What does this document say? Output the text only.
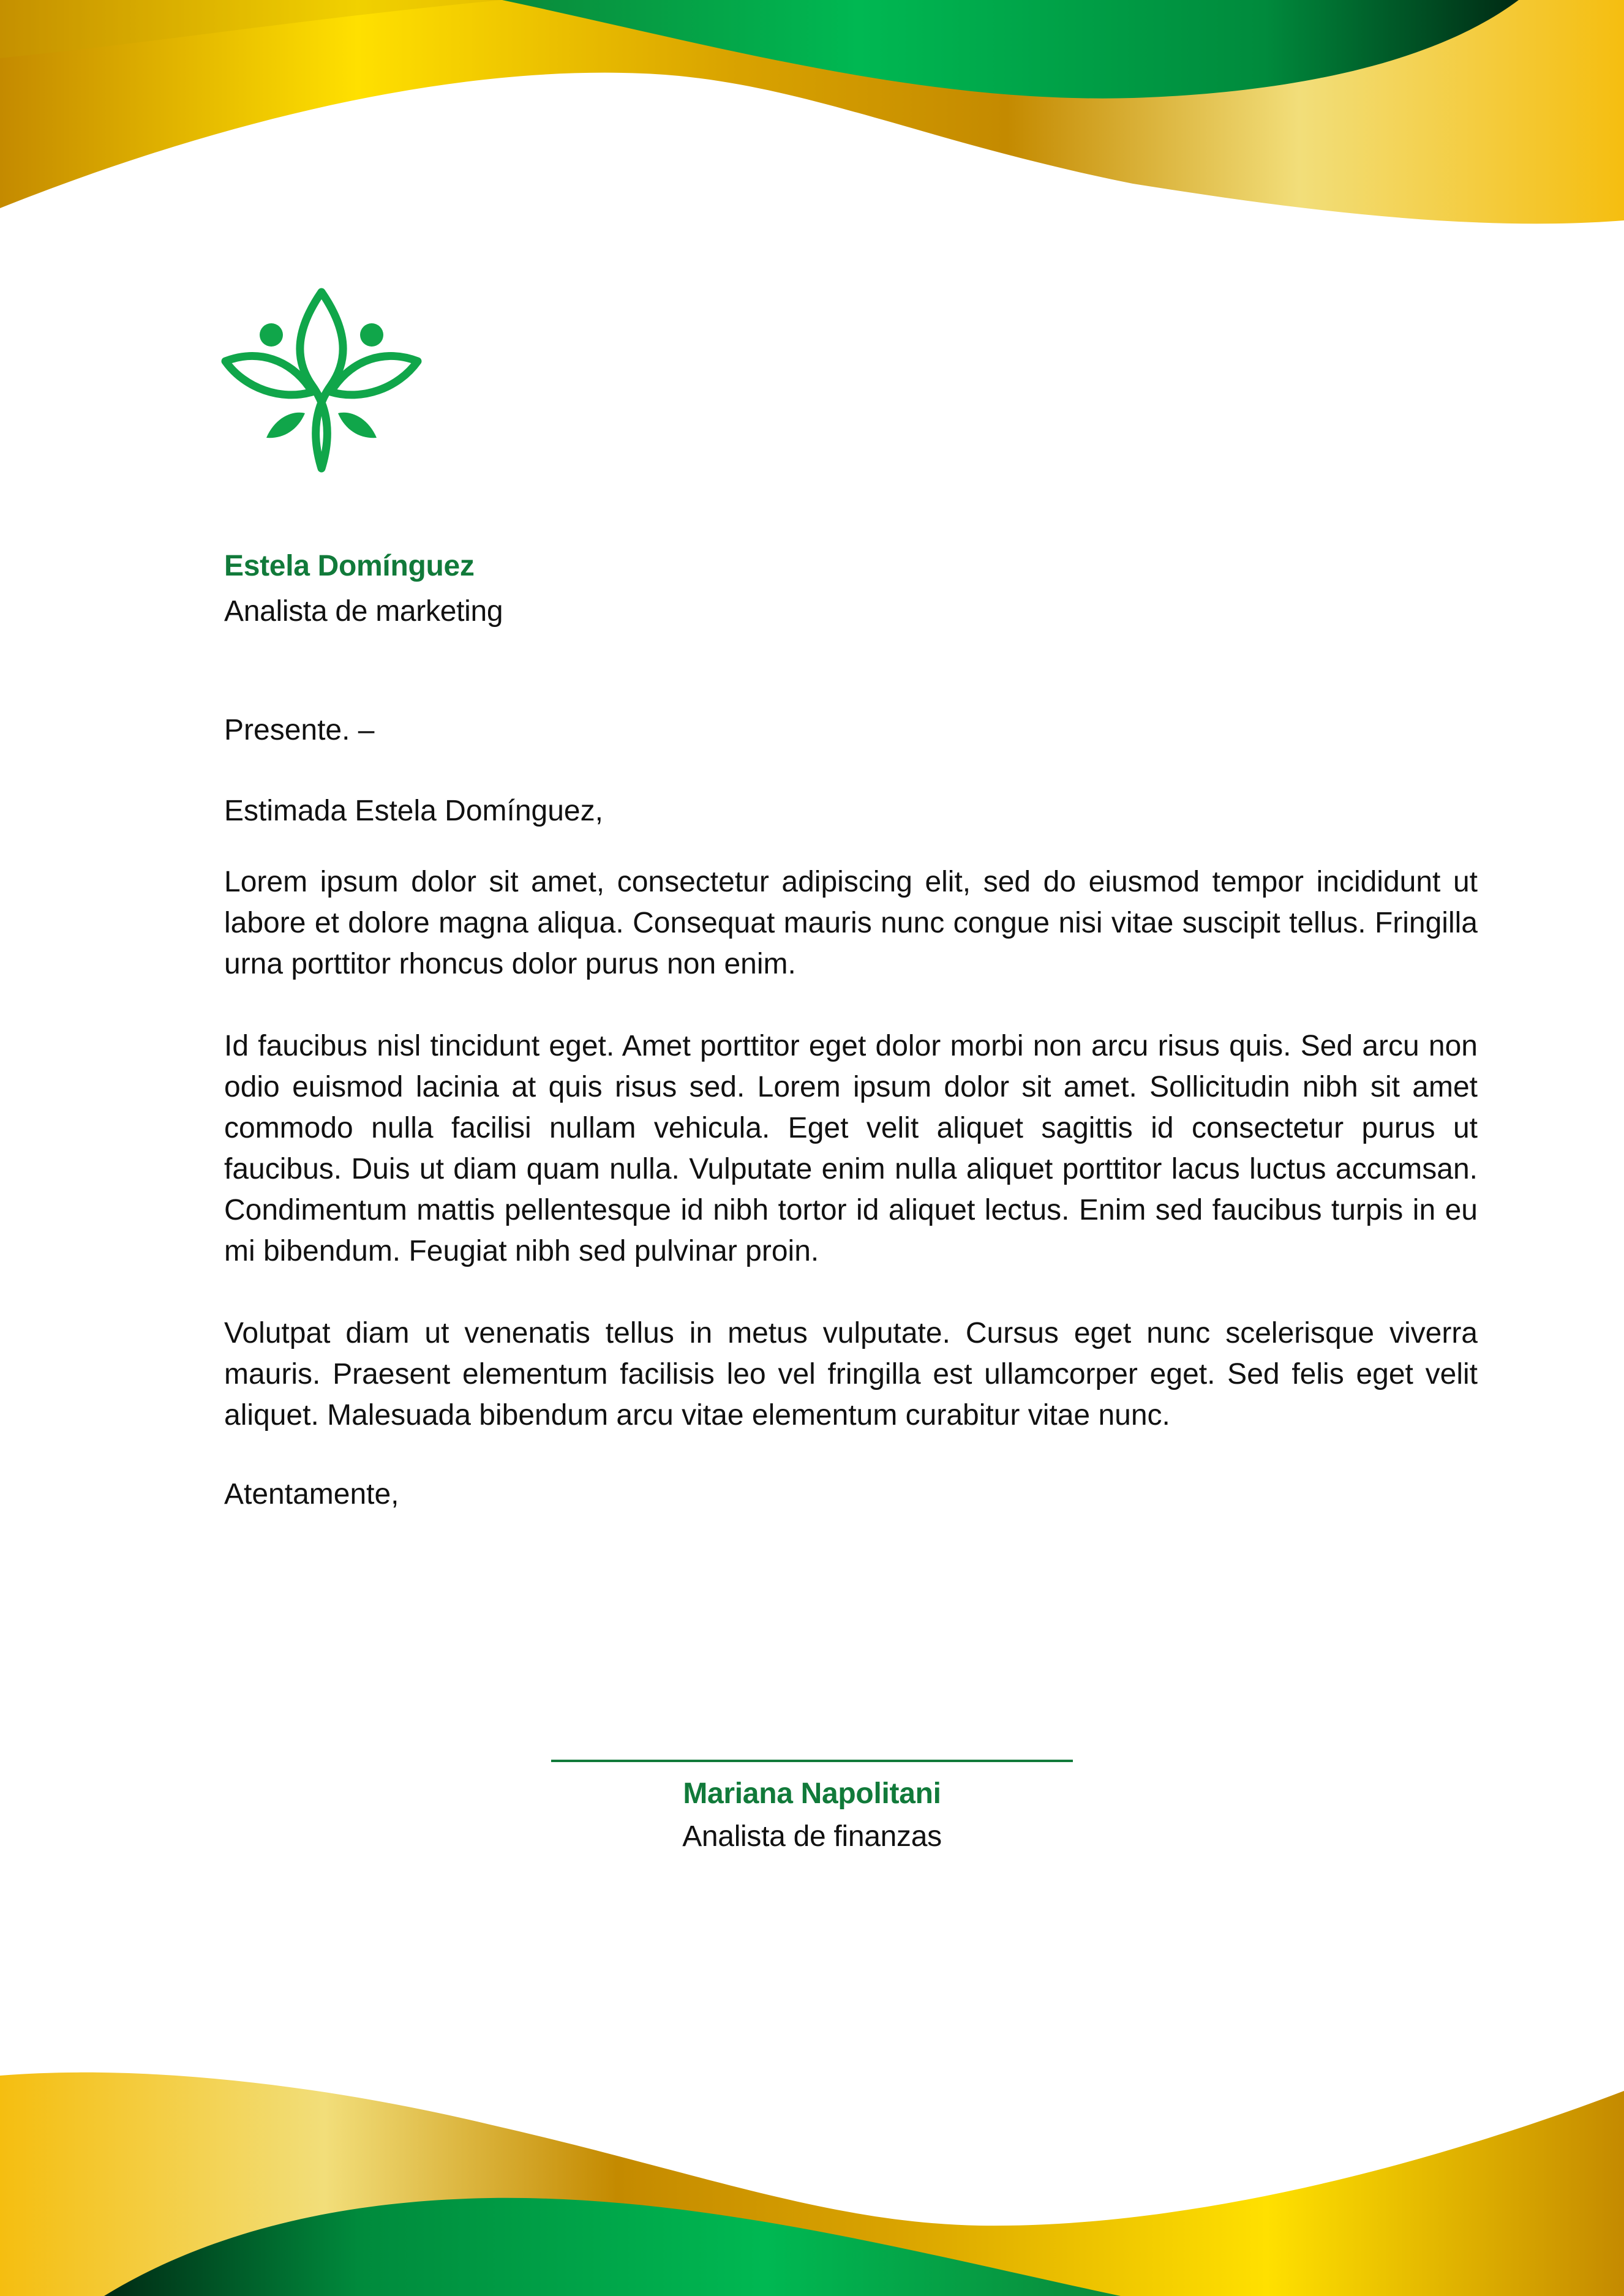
Estela Domínguez
Analista de marketing
Presente. –
Estimada Estela Domínguez,

Lorem ipsum dolor sit amet, consectetur adipiscing elit, sed do eiusmod tempor incididunt ut labore et dolore magna aliqua. Consequat mauris nunc congue nisi vitae suscipit tellus. Fringilla urna porttitor rhoncus dolor purus non enim.

Id faucibus nisl tincidunt eget. Amet porttitor eget dolor morbi non arcu risus quis. Sed arcu non odio euismod lacinia at quis risus sed. Lorem ipsum dolor sit amet. Sollicitudin nibh sit amet commodo nulla facilisi nullam vehicula. Eget velit aliquet sagittis id consectetur purus ut faucibus. Duis ut diam quam nulla. Vulputate enim nulla aliquet porttitor lacus luctus accumsan. Condimentum mattis pellentesque id nibh tortor id aliquet lectus. Enim sed faucibus turpis in eu mi bibendum. Feugiat nibh sed pulvinar proin.

Volutpat diam ut venenatis tellus in metus vulputate. Cursus eget nunc scelerisque viverra mauris. Praesent elementum facilisis leo vel fringilla est ullamcorper eget. Sed felis eget velit aliquet. Malesuada bibendum arcu vitae elementum curabitur vitae nunc.

Atentamente,
Mariana Napolitani
Analista de finanzas
